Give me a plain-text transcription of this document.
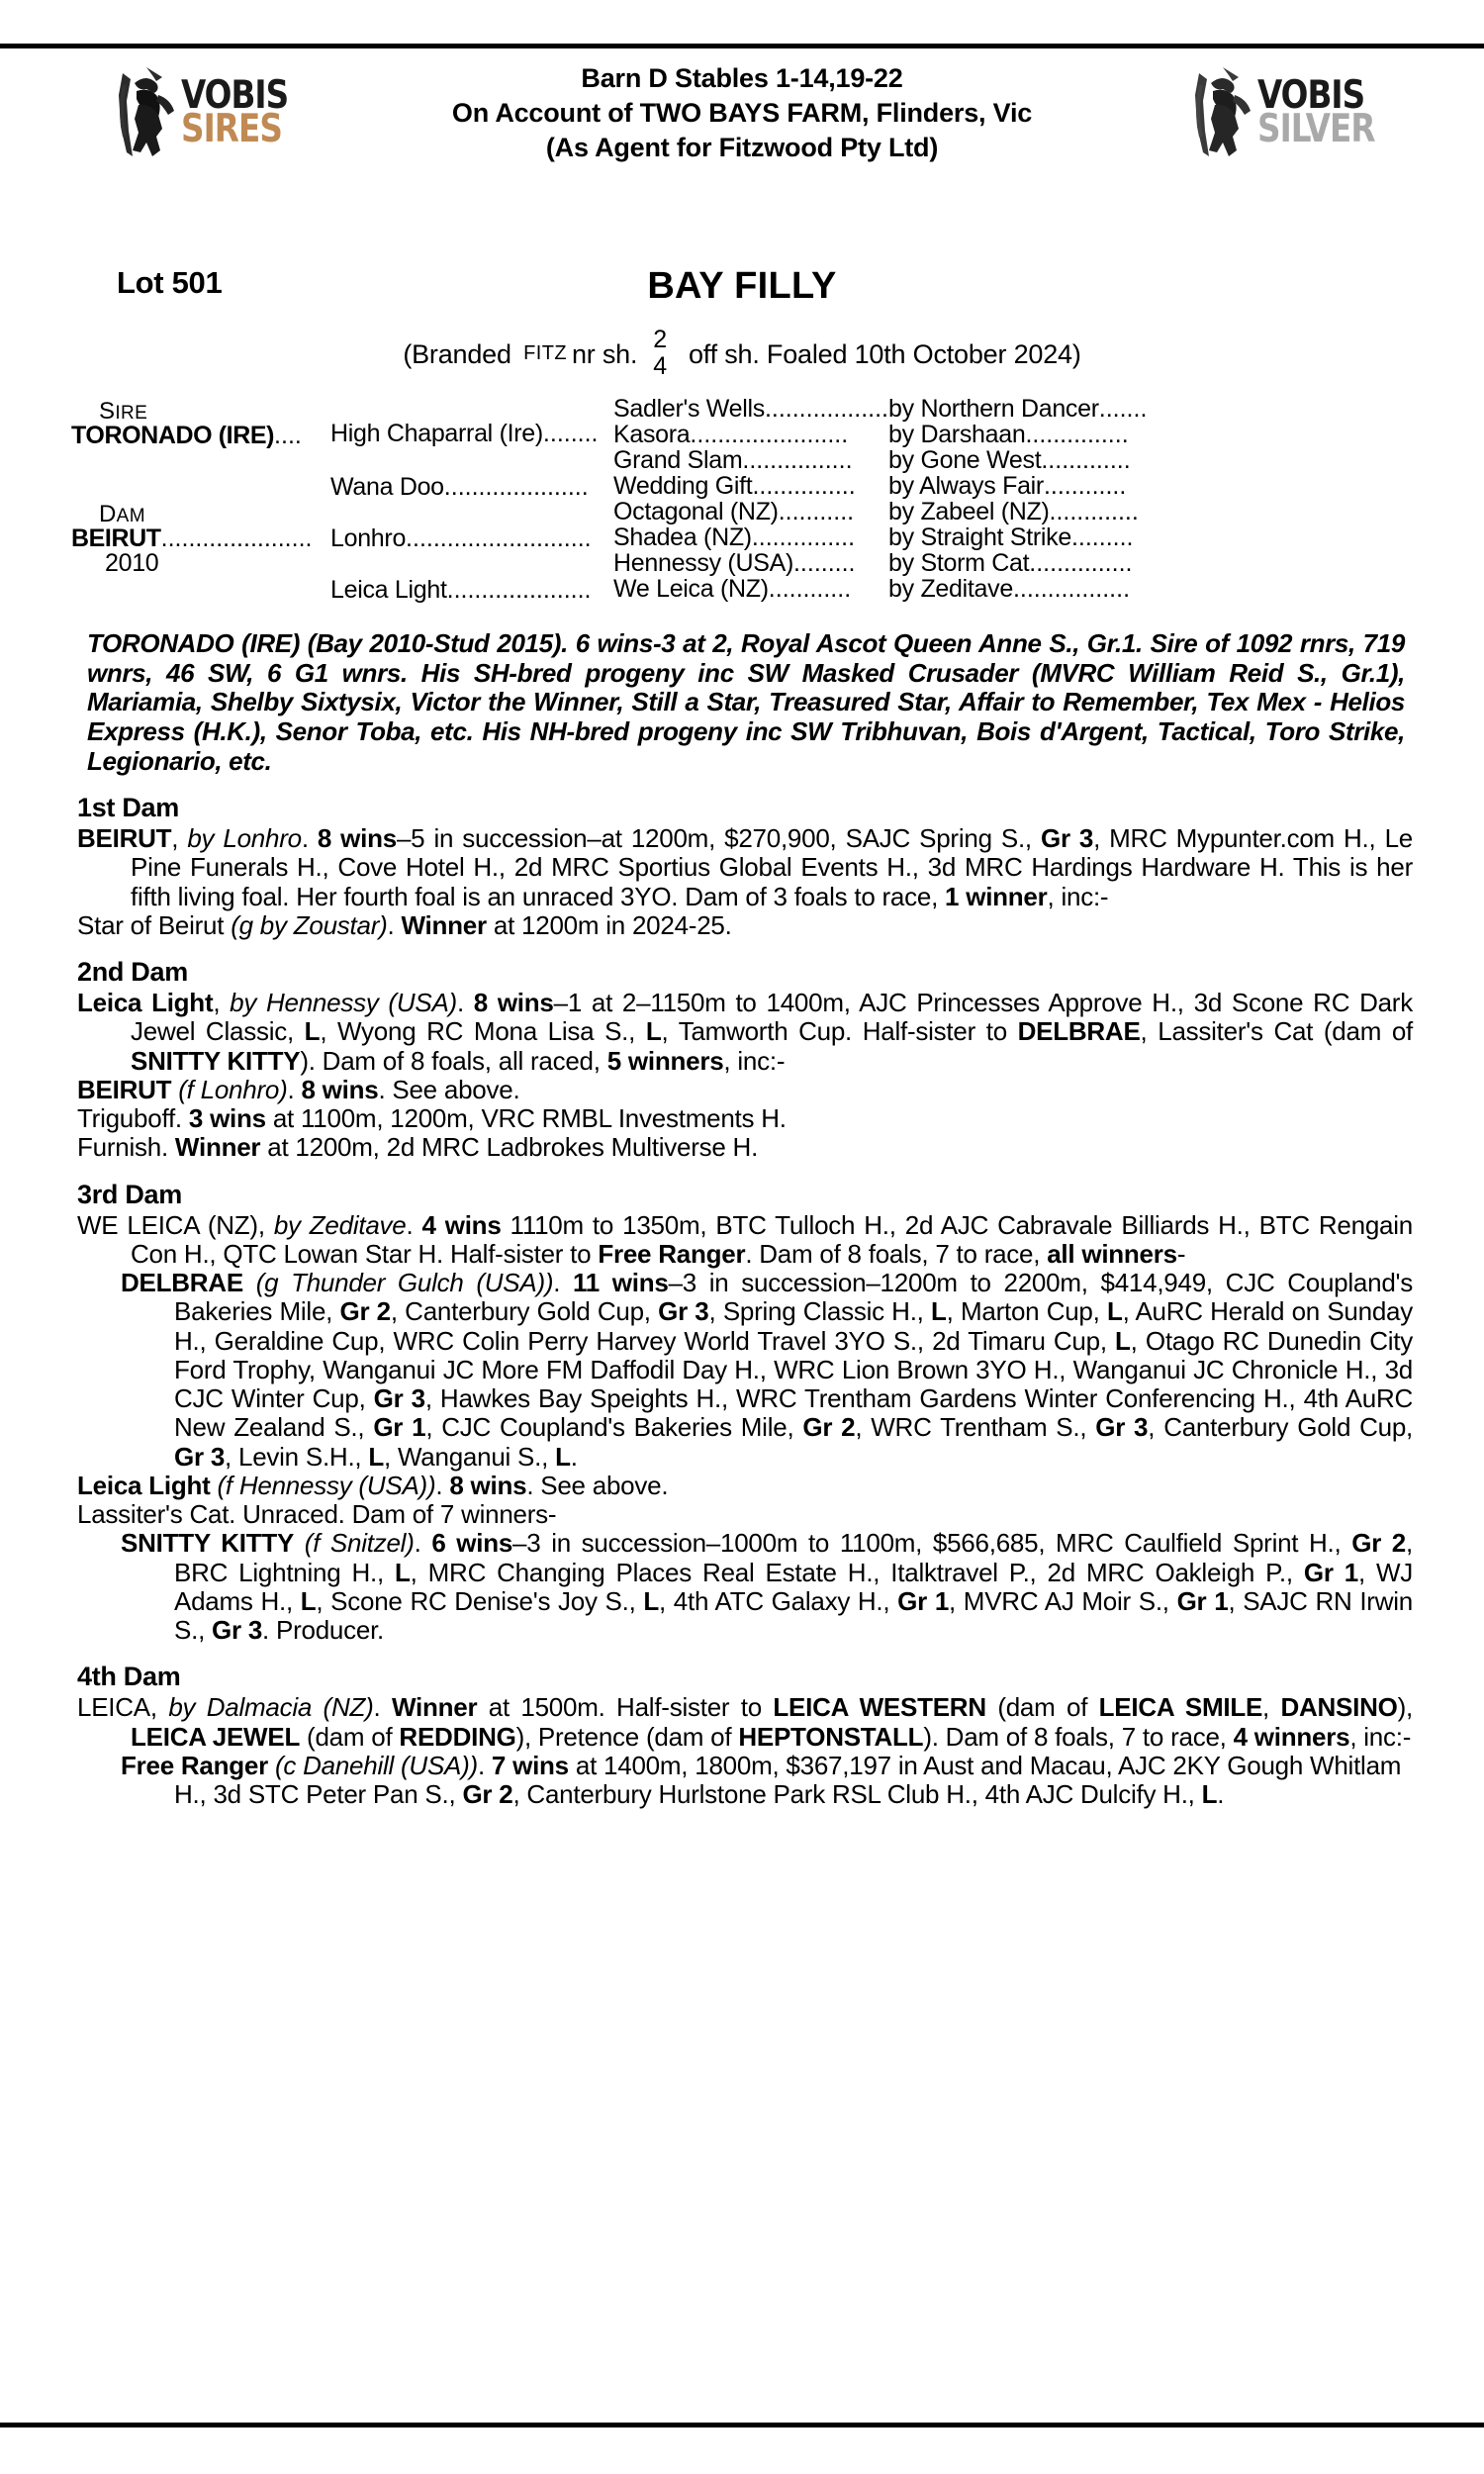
VOBIS
SIRES
VOBIS
SILVER
Barn D Stables 1-14,19-22
On Account of TWO BAYS FARM, Flinders, Vic
(As Agent for Fitzwood Pty Ltd)
Lot 501	BAY FILLY
(Branded
FITZ nr sh. 2
4 off sh. Foaled 10th October 2024)
SIRE
TORONADO (IRE)....
DAM
BEIRUT......................
2010
High Chaparral (Ire) ........
Wana Doo .....................
Lonhro ...........................
Leica Light .....................
Sadler's Wells ..................
Kasora .......................
Grand Slam ................
Wedding Gift ...............
Octagonal (NZ) ...........
Shadea (NZ) ...............
Hennessy (USA) .........
We Leica (NZ) ............
by Northern Dancer .......
by Darshaan ...............
by Gone West .............
by Always Fair ............
by Zabeel (NZ) .............
by Straight Strike .........
by Storm Cat ...............
by Zeditave .................
TORONADO (IRE) (Bay 2010-Stud 2015). 6 wins-3 at 2, Royal Ascot Queen Anne S., Gr.1. Sire of 1092 rnrs, 719 wnrs, 46 SW, 6 G1 wnrs. His SH-bred progeny inc SW Masked Crusader (MVRC William Reid S., Gr.1), Mariamia, Shelby Sixtysix, Victor the Winner, Still a Star, Treasured Star, Affair to Remember, Tex Mex - Helios Express (H.K.), Senor Toba, etc. His NH-bred progeny inc SW Tribhuvan, Bois d'Argent, Tactical, Toro Strike, Legionario, etc.
1st Dam

BEIRUT, by Lonhro. 8 wins–5 in succession–at 1200m, $270,900, SAJC Spring S., Gr 3, MRC Mypunter.com H., Le Pine Funerals H., Cove Hotel H., 2d MRC Sportius Global Events H., 3d MRC Hardings Hardware H. This is her fifth living foal. Her fourth foal is an unraced 3YO. Dam of 3 foals to race, 1 winner, inc:-

Star of Beirut (g by Zoustar). Winner at 1200m in 2024-25.

2nd Dam

Leica Light, by Hennessy (USA). 8 wins–1 at 2–1150m to 1400m, AJC Princesses Approve H., 3d Scone RC Dark Jewel Classic, L, Wyong RC Mona Lisa S., L, Tamworth Cup. Half-sister to DELBRAE, Lassiter's Cat (dam of SNITTY KITTY). Dam of 8 foals, all raced, 5 winners, inc:-

BEIRUT (f Lonhro). 8 wins. See above.

Triguboff. 3 wins at 1100m, 1200m, VRC RMBL Investments H.

Furnish. Winner at 1200m, 2d MRC Ladbrokes Multiverse H.

3rd Dam

WE LEICA (NZ), by Zeditave. 4 wins 1110m to 1350m, BTC Tulloch H., 2d AJC Cabravale Billiards H., BTC Rengain Con H., QTC Lowan Star H. Half-sister to Free Ranger. Dam of 8 foals, 7 to race, all winners-

DELBRAE (g Thunder Gulch (USA)). 11 wins–3 in succession–1200m to 2200m, $414,949, CJC Coupland's Bakeries Mile, Gr 2, Canterbury Gold Cup, Gr 3, Spring Classic H., L, Marton Cup, L, AuRC Herald on Sunday H., Geraldine Cup, WRC Colin Perry Harvey World Travel 3YO S., 2d Timaru Cup, L, Otago RC Dunedin City Ford Trophy, Wanganui JC More FM Daffodil Day H., WRC Lion Brown 3YO H., Wanganui JC Chronicle H., 3d CJC Winter Cup, Gr 3, Hawkes Bay Speights H., WRC Trentham Gardens Winter Conferencing H., 4th AuRC New Zealand S., Gr 1, CJC Coupland's Bakeries Mile, Gr 2, WRC Trentham S., Gr 3, Canterbury Gold Cup, Gr 3, Levin S.H., L, Wanganui S., L.

Leica Light (f Hennessy (USA)). 8 wins. See above.

Lassiter's Cat. Unraced. Dam of 7 winners-

SNITTY KITTY (f Snitzel). 6 wins–3 in succession–1000m to 1100m, $566,685, MRC Caulfield Sprint H., Gr 2, BRC Lightning H., L, MRC Changing Places Real Estate H., Italktravel P., 2d MRC Oakleigh P., Gr 1, WJ Adams H., L, Scone RC Denise's Joy S., L, 4th ATC Galaxy H., Gr 1, MVRC AJ Moir S., Gr 1, SAJC RN Irwin S., Gr 3. Producer.

4th Dam

LEICA, by Dalmacia (NZ). Winner at 1500m. Half-sister to LEICA WESTERN (dam of LEICA SMILE, DANSINO), LEICA JEWEL (dam of REDDING), Pretence (dam of HEPTONSTALL). Dam of 8 foals, 7 to race, 4 winners, inc:-

Free Ranger (c Danehill (USA)). 7 wins at 1400m, 1800m, $367,197 in Aust and Macau, AJC 2KY Gough Whitlam H., 3d STC Peter Pan S., Gr 2, Canterbury Hurlstone Park RSL Club H., 4th AJC Dulcify H., L.
